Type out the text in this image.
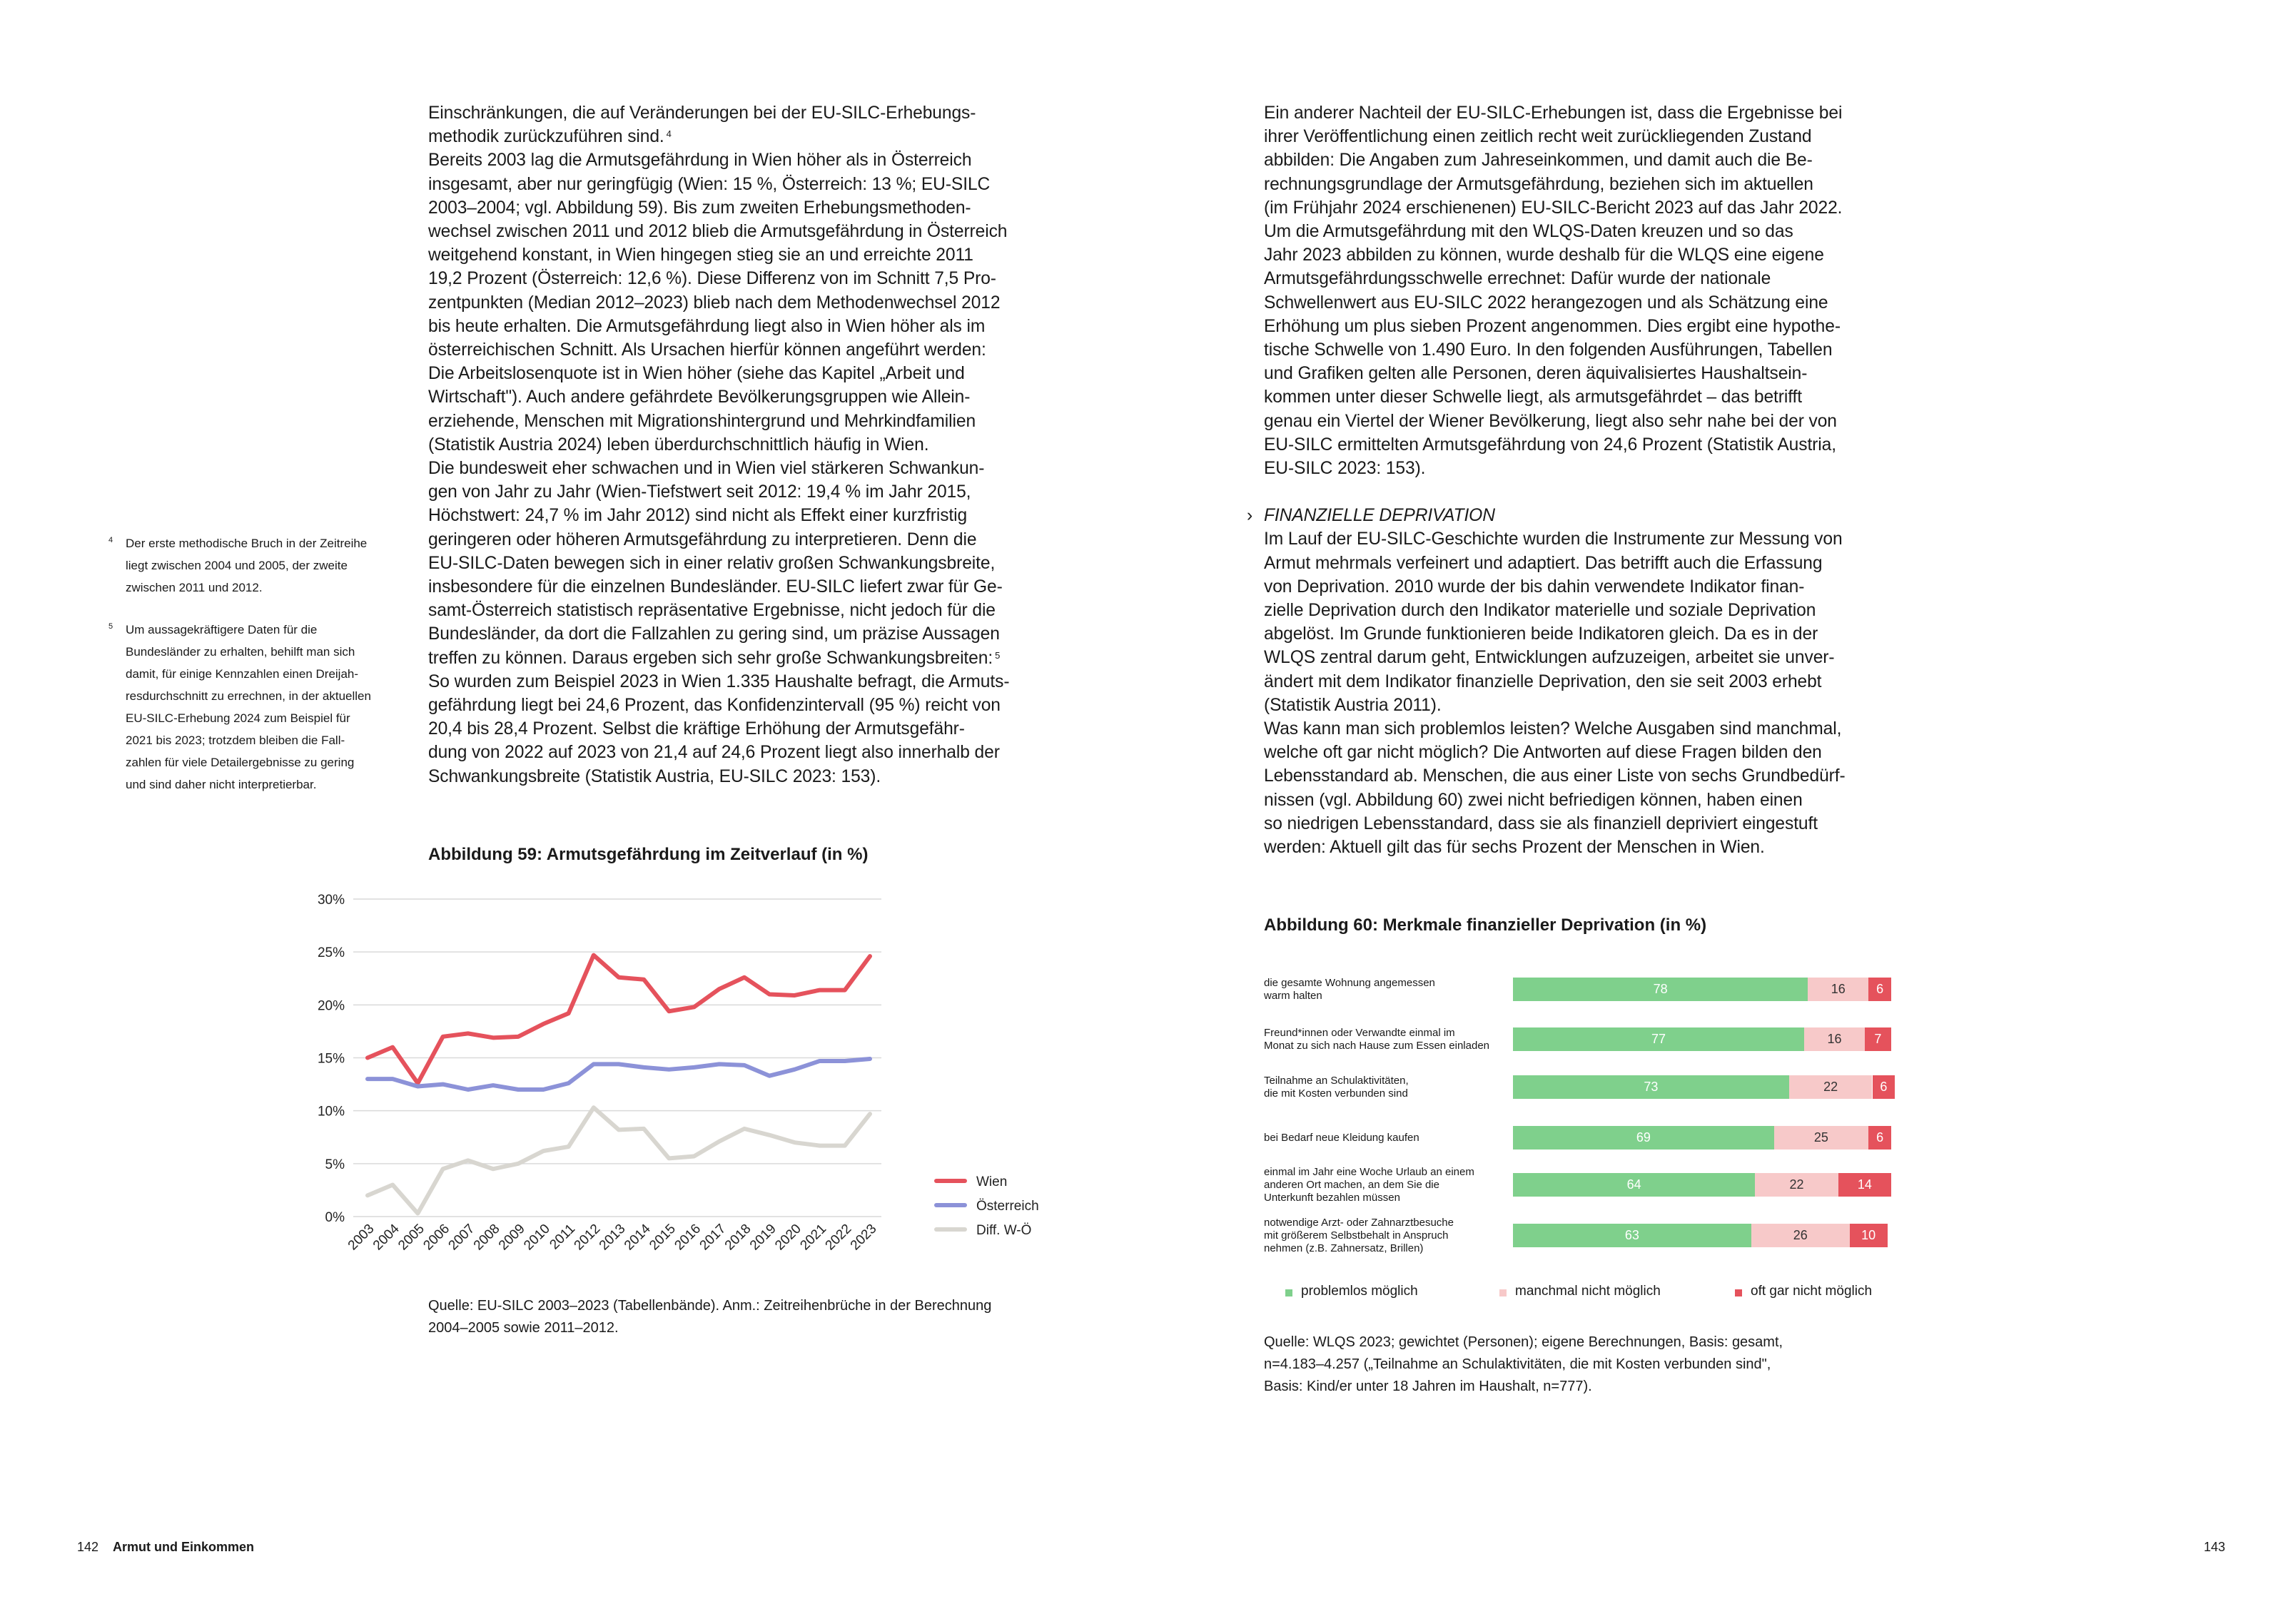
Einschränkungen, die auf Veränderungen bei der EU-SILC-Erhebungs-
methodik zurückzuführen sind. $^4$

Bereits 2003 lag die Armutsgefährdung in Wien höher als in Österreich
insgesamt, aber nur geringfügig (Wien: 15 %, Österreich: 13 %; EU-SILC
2003–2004; vgl. Abbildung 59). Bis zum zweiten Erhebungsmethoden-
wechsel zwischen 2011 und 2012 blieb die Armutsgefährdung in Österreich
weitgehend konstant, in Wien hingegen stieg sie an und erreichte 2011
19,2 Prozent (Österreich: 12,6 %). Diese Differenz von im Schnitt 7,5 Pro-
zentpunkten (Median 2012–2023) blieb nach dem Methodenwechsel 2012
bis heute erhalten. Die Armutsgefährdung liegt also in Wien höher als im
österreichischen Schnitt. Als Ursachen hierfür können angeführt werden:
Die Arbeitslosenquote ist in Wien höher (siehe das Kapitel „Arbeit und
Wirtschaft"). Auch andere gefährdete Bevölkerungsgruppen wie Allein-
erziehende, Menschen mit Migrationshintergrund und Mehrkindfamilien
(Statistik Austria 2024) leben überdurchschnittlich häufig in Wien.

Die bundesweit eher schwachen und in Wien viel stärkeren Schwankun-
gen von Jahr zu Jahr (Wien-Tiefstwert seit 2012: 19,4 % im Jahr 2015,
Höchstwert: 24,7 % im Jahr 2012) sind nicht als Effekt einer kurzfristig
geringeren oder höheren Armutsgefährdung zu interpretieren. Denn die
EU-SILC-Daten bewegen sich in einer relativ großen Schwankungsbreite,
insbesondere für die einzelnen Bundesländer. EU-SILC liefert zwar für Ge-
samt-Österreich statistisch repräsentative Ergebnisse, nicht jedoch für die
Bundesländer, da dort die Fallzahlen zu gering sind, um präzise Aussagen
treffen zu können. Daraus ergeben sich sehr große Schwankungsbreiten: $^5$

So wurden zum Beispiel 2023 in Wien 1.335 Haushalte befragt, die Armuts-
gefährdung liegt bei 24,6 Prozent, das Konfidenzintervall (95 %) reicht von
20,4 bis 28,4 Prozent. Selbst die kräftige Erhöhung der Armutsgefähr-
dung von 2022 auf 2023 von 21,4 auf 24,6 Prozent liegt also innerhalb der
Schwankungsbreite (Statistik Austria, EU-SILC 2023: 153).

4 Der erste methodische Bruch in der Zeitreihe
liegt zwischen 2004 und 2005, der zweite
zwischen 2011 und 2012.
5 Um aussagekräftigere Daten für die
Bundesländer zu erhalten, behilft man sich
damit, für einige Kennzahlen einen Dreijah-
resdurchschnitt zu errechnen, in der aktuellen
EU-SILC-Erhebung 2024 zum Beispiel für
2021 bis 2023; trotzdem bleiben die Fall-
zahlen für viele Detailergebnisse zu gering
und sind daher nicht interpretierbar.
Abbildung 59: Armutsgefährdung im Zeitverlauf (in %)
30%
25%
20%
15%
10%
5%
0%
2003
2004
2005
2006
2007
2008
2009
2010
2011
2012
2013
2014
2015
2016
2017
2018
2019
2020
2021
2022
2023
Wien
Österreich
Diff. W-Ö
Quelle: EU-SILC 2003–2023 (Tabellenbände). Anm.: Zeitreihenbrüche in der Berechnung
2004–2005 sowie 2011–2012.
142 Armut und Einkommen

Ein anderer Nachteil der EU-SILC-Erhebungen ist, dass die Ergebnisse bei
ihrer Veröffentlichung einen zeitlich recht weit zurückliegenden Zustand
abbilden: Die Angaben zum Jahreseinkommen, und damit auch die Be-
rechnungsgrundlage der Armutsgefährdung, beziehen sich im aktuellen
(im Frühjahr 2024 erschienenen) EU-SILC-Bericht 2023 auf das Jahr 2022.
Um die Armutsgefährdung mit den WLQS-Daten kreuzen und so das
Jahr 2023 abbilden zu können, wurde deshalb für die WLQS eine eigene
Armutsgefährdungsschwelle errechnet: Dafür wurde der nationale
Schwellenwert aus EU-SILC 2022 herangezogen und als Schätzung eine
Erhöhung um plus sieben Prozent angenommen. Dies ergibt eine hypothe-
tische Schwelle von 1.490 Euro. In den folgenden Ausführungen, Tabellen
und Grafiken gelten alle Personen, deren äquivalisiertes Haushaltsein-
kommen unter dieser Schwelle liegt, als armutsgefährdet – das betrifft
genau ein Viertel der Wiener Bevölkerung, liegt also sehr nahe bei der von
EU-SILC ermittelten Armutsgefährdung von 24,6 Prozent (Statistik Austria,
EU-SILC 2023: 153).

› FINANZIELLE DEPRIVATION

Im Lauf der EU-SILC-Geschichte wurden die Instrumente zur Messung von
Armut mehrmals verfeinert und adaptiert. Das betrifft auch die Erfassung
von Deprivation. 2010 wurde der bis dahin verwendete Indikator finan-
zielle Deprivation durch den Indikator materielle und soziale Deprivation
abgelöst. Im Grunde funktionieren beide Indikatoren gleich. Da es in der
WLQS zentral darum geht, Entwicklungen aufzuzeigen, arbeitet sie unver-
ändert mit dem Indikator finanzielle Deprivation, den sie seit 2003 erhebt
(Statistik Austria 2011).

Was kann man sich problemlos leisten? Welche Ausgaben sind manchmal,
welche oft gar nicht möglich? Die Antworten auf diese Fragen bilden den
Lebensstandard ab. Menschen, die aus einer Liste von sechs Grundbedürf-
nissen (vgl. Abbildung 60) zwei nicht befriedigen können, haben einen
so niedrigen Lebensstandard, dass sie als finanziell depriviert eingestuft
werden: Aktuell gilt das für sechs Prozent der Menschen in Wien.

Abbildung 60: Merkmale finanzieller Deprivation (in %)
die gesamte Wohnung angemessen
warm halten	78	16	6
Freund*innen oder Verwandte einmal im
Monat zu sich nach Hause zum Essen einladen	77	16	7
Teilnahme an Schulaktivitäten,
die mit Kosten verbunden sind	73	22	6
bei Bedarf neue Kleidung kaufen	69	25	6
einmal im Jahr eine Woche Urlaub an einem
anderen Ort machen, an dem Sie die
Unterkunft bezahlen müssen
64	22	14
notwendige Arzt- oder Zahnarztbesuche
mit größerem Selbstbehalt in Anspruch
nehmen (z.B. Zahnersatz, Brillen)
63	26	10
problemlos möglich	manchmal nicht möglich	oft gar nicht möglich
Quelle: WLQS 2023; gewichtet (Personen); eigene Berechnungen, Basis: gesamt,
n=4.183–4.257 („Teilnahme an Schulaktivitäten, die mit Kosten verbunden sind",
Basis: Kind/er unter 18 Jahren im Haushalt, n=777).
143
